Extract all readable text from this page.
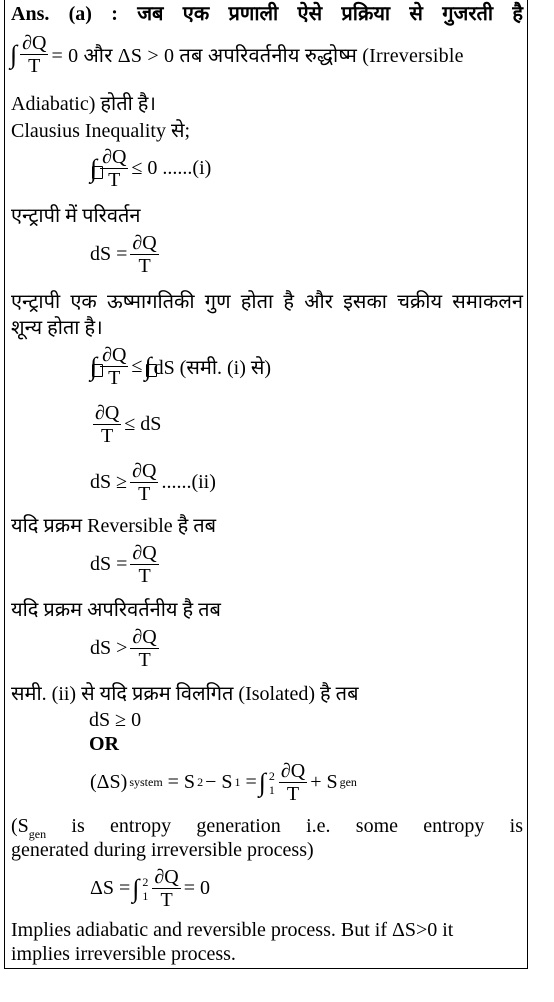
Ans. (a) : जब एक प्रणाली ऐसे प्रक्रिया से गुजरती है
∫ $\frac{\partial Q}{T} = 0$ और ΔS > 0 तब अपरिवर्तनीय रुद्धोष्म (Irreversible
Adiabatic) होती है।
Clausius Inequality से;
∫ $\frac{\partial Q}{T} \le 0$ ......(i)
एन्ट्रापी में परिवर्तन
dS = $\frac{\partial Q}{T}$
एन्ट्रापी एक ऊष्मागतिकी गुण होता है और इसका चक्रीय समाकलन
शून्य होता है।
∫ $\frac{\partial Q}{T}$ ≤ ∫ dS (समी. (i) से)
$\frac{\partial Q}{T}$ ≤ dS
dS ≥ $\frac{\partial Q}{T} ......(ii)$
यदि प्रक्रम Reversible है तब
dS = $\frac{\partial Q}{T}$
यदि प्रक्रम अपरिवर्तनीय है तब
dS > $\frac{\partial Q}{T}$
समी. (ii) से यदि प्रक्रम विलगित (Isolated) है तब
dS ≥ 0
OR
(ΔS) system = S 2 − S 1 = ∫ 2
$1 \frac{\partial Q}{T} + S$ gen
($S_{gen}$ is entropy generation i.e. some entropy is
generated during irreversible process)
ΔS = ∫ 2
$1 \frac{\partial Q}{T} = 0$
Implies adiabatic and reversible process. But if ΔS>0 it
implies irreversible process.
